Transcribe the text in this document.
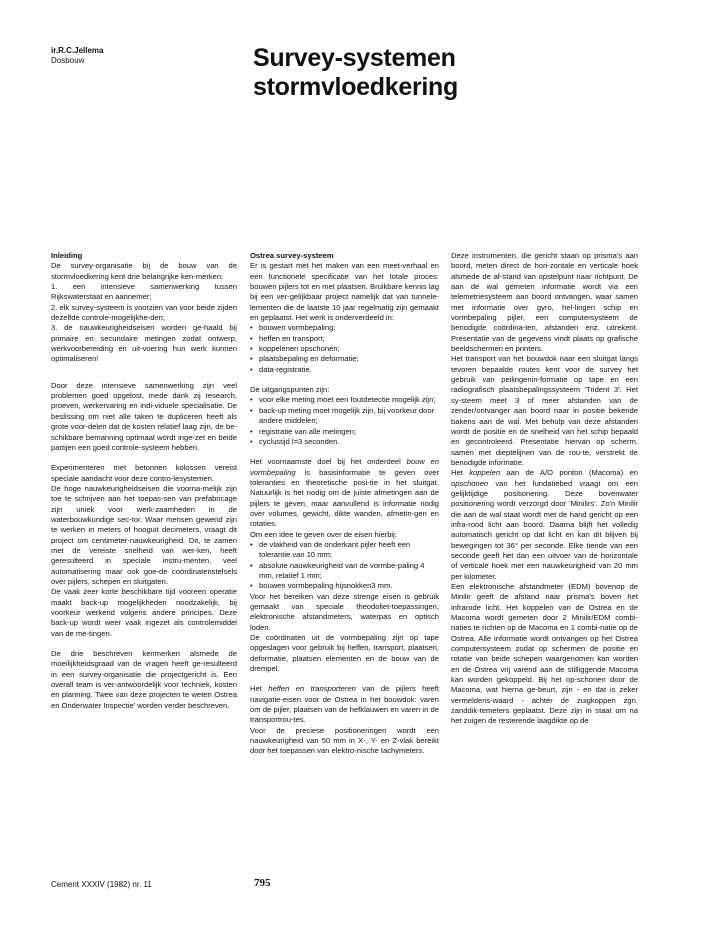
ir.R.C.Jellema
Dosbouw	Survey-systemen
stormvloedkering

Inleiding

De survey-organisatie bij de bouw van de stormvloedkering kent drie belangrijke ken-merken:

1. een intensieve samenwerking tussen Rijkswaterstaat en aannemer;

2. elk survey-systeem is voorzien van voor beide zijden dezelfde controle-mogelijkhe-den;

3. de nauwkeurigheidseisen worden ge-haald bij primaire en secundaire metingen zodat ontwerp, werkvoorbereiding en uit-voering hun werk kunnen optimaliseren!

Door deze intensieve samenwerking zijn veel problemen goed opgelost, mede dank zij research, proeven, werkervaring en indi-viduele specialisatie. De beslissing om niet alle taken te dupliceren heeft als grote voor-delen dat de kosten relatief laag zijn, de be-schikbare bemanning optimaal wordt inge-zet en beide partijen een goed controle-systeem hebben.

Experimenteren met betonnen kolossen vereist speciale aandacht voor deze contro-lesystemen.

De hoge nauwkeurigheidseisen die voorna-melijk zijn toe te schrijven aan het toepas-sen van prefabricage zijn uniek voor werk-zaamheden in de waterbouwkundige sec-tor. Waar mensen gewend zijn te werken in meters of hooguit decimeters, vraagt dit project om centimeter-nauwkeurigheid. Dit, te zamen met de vereiste snelheid van wer-ken, heeft geresulteerd in speciale instru-menten, veel automatisering maar ook goe-de coördinatenstelsels over pijlers, schepen en sluitgaten.

De vaak zeer korte beschikbare tijd vooreen operatie maakt back-up mogelijkheden noodzakelijk, bij voorkeur werkend volgens andere principes. Deze back-up wordt weer vaak ingezet als controlemiddel van de me-tingen.

De drie beschreven kenmerken alsmede de moeilijkheidsgraad van de vragen heeft ge-resulteerd in een survey-organisatie die projectgericht is. Een overall team is ver-antwoordelijk voor techniek, kosten en planning. Twee van deze projecten te weten Ostrea en Onderwater Inspectie' worden verder beschreven.

Ostrea survey-systeem

Er is gestart met het maken van een meet-verhaal en een functionele specificatie van het totale proces: bouwen pijlers tot en met plaatsen. Bruikbare kennis lag bij een ver-gelijkbaar project namelijk dat van tunnele-lementen die de laatste 10 jaar regelmatig zijn gemaakt en geplaatst. Het werk is onderverdeeld in:

• bouwen vormbepaling;
• heffen en transport;
• koppelenen opschonen;
• plaatsbepaling en deformatie;
• data-registratie.

De uitgangspunten zijn:

• voor elke meting moet een foutdetectie mogelijk zijn;
• back-up meting moet mogelijk zijn, bij voorkeur door andere middelen;
• registratie van alle metingen;
• cyclustijd l=3 seconden.

Het voornaamste doel bij het onderdeel bouw en vormbepaling is basisinformatie te geven over toleranties en theoretische posi-tie in het sluitgat. Natuurlijk is het nodig om de juiste afmetingen aan de pijlers te geven, maar aanvullend is informatie nodig over volumes, gewicht, dikte wanden, afmetin-gen en rotaties.

Om een idee te geven over de eisen hierbij:

• de vlakheid van de onderkant pijler heeft een tolerantie van 10 mm;
• absolute nauwkeurigheid van de vormbe-paling 4 mm, relatief 1 mm;
• bouwen vormbepaling hijsnokken3 mm.

Voor het bereiken van deze strenge eisen is gebruik gemaakt van speciale theodoliet-toepassingen, elektronische afstandmeters, waterpas en optisch loden.

De coördinaten uit de vormbepaling zijn op tape opgeslagen voor gebruik bij heffen, transport, plaatsen, deformatie, plaatsen elementen en de bouw van de drempel.

Het heffen en transporteren van de pijlers heeft navigatie-eisen voor de Ostrea in het bouwdok: varen om de pijler, plaatsen van de hefklauwen en varen in de transportrou-tes.

Voor de preciese positioneringen wordt een nauwkeurigheid van 50 mm in X-, Y- en Z-vlak bereikt door het toepassen van elektro-nische tachymeters.

Deze instrumenten, die gericht staan op prisma's aan boord, meten direct de hori-zontale en verticale hoek alsmede de af-stand van opstelpunt naar richtpunt. De aan de wal gemeten informatie wordt via een telemetriesysteem aan boord ontvangen, waar samen met informatie over gyro, hel-lingen schip en vormbepaling pijler, een computersysteem de benodigde coördina-ten, afstanden enz. uitrekent. Presentatie van de gegevens vindt plaats op grafische beeldschermen en printers.

Het transport van het bouwdok naar een sluitgat langs tevoren bepaalde routes kent voor de survey het gebruik van peilingenin-formatie op tape en een radiografisch plaatsbepalingssysteem 'Trident 3'. Het sy-steem meet 3 of meer afstanden van de zender/ontvanger aan boord naar in positie bekende bakens aan de wal. Met behulp van deze afstanden wordt de positie en de snelheid van het schip bepaald en gecontroleerd. Presentatie hiervan op scherm, samen met dieptelijnen van de rou-te, verstrekt de benodigde informatie.

Het koppelen aan de A/O ponton (Macoma) en opschonen van het fundatiebed vraagt om een gelijktijdige positionering. Deze bovenwater positionering wordt verzorgd door 'Minilirs'. Zo'n Minilir die aan de wal staat wordt met de hand gericht op een infra-rood licht aan boord. Daarna blijft het volledig automatisch gericht op dat licht en kan dit blijven bij bewegingen tot 36° per seconde. Elke tiende van een seconde geeft het dan een uitvoer van de horizontale of verticale hoek met een nauwkeurigheid van 20 mm per kilometer.

Een elektronische afstandmeter (EDM) bovenop de Minilir geeft de afstand naar prisma's boven het infrarode licht. Het koppelen van de Ostrea en de Macoma wordt gemeten door 2 Minilir/EDM combi-naties te richten op de Macoma en 1 combi-natie op de Ostrea. Alle informatie wordt ontvangen op het Ostrea computersysteem zodat op schermen de positie en rotatie van beide schepen waargenomen kan worden en de Ostrea vrij varend aan de stilliggende Macoma kan worden gekoppeld. Bij het op-schonen door de Macoma, wat hierna ge-beurt, zijn - en dat is zeker vermeldens-waard - achter de zuigkoppen zgn. zanddik-temeters geplaatst. Deze zijn in staat om na het zuigen de resterende laagdikte op de

Cement XXXIV (1982) nr. 11	795
